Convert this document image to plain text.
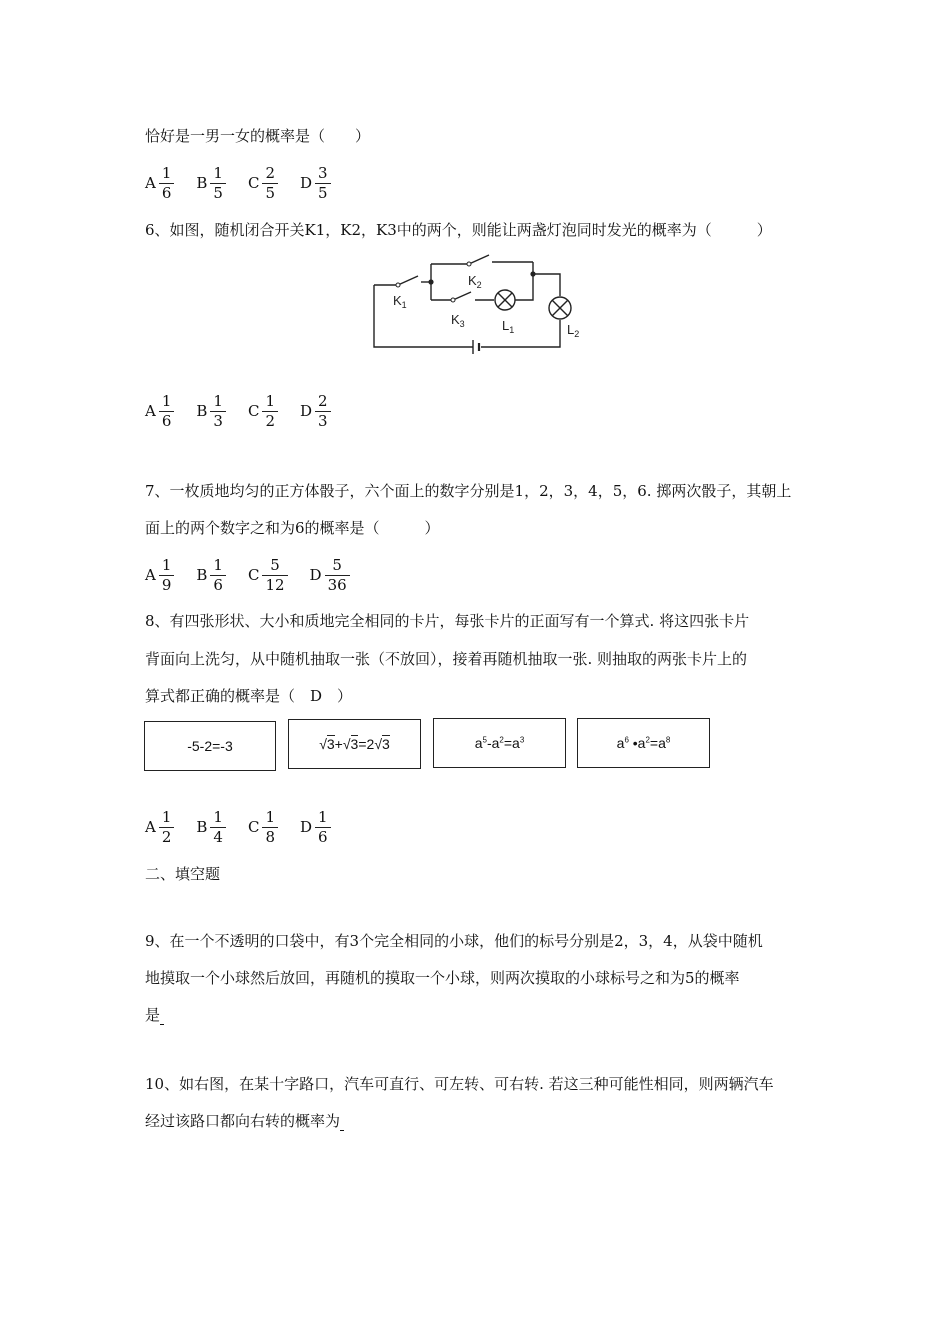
恰好是一男一女的概率是（　　）
A $\frac{1}{6}$ B $\frac{1}{5}$ C $\frac{2}{5}$ D $\frac{3}{5}$
6、如图，随机闭合开关K1，K2，K3中的两个，则能让两盏灯泡同时发光的概率为（　　　）
$K_1$
$K_2$
$K_3$	$L_1$	$L_2$
A $\frac{1}{6}$ B $\frac{1}{3}$ C $\frac{1}{2}$ D $\frac{2}{3}$
7、一枚质地均匀的正方体骰子，六个面上的数字分别是1，2，3，4，5，6. 掷两次骰子，其朝上
面上的两个数字之和为6的概率是（　　　）
A $\frac{1}{9}$ B $\frac{1}{6}$ C $\frac{5}{12}$ D $\frac{5}{36}$
8、有四张形状、大小和质地完全相同的卡片，每张卡片的正面写有一个算式. 将这四张卡片
背面向上洗匀，从中随机抽取一张（不放回），接着再随机抽取一张. 则抽取的两张卡片上的
算式都正确的概率是（　D　）
-5-2=-3	√3+√3=2√3	$a^5-a^2=a^3$	$a^6$ $•a^2=a^8$
A $\frac{1}{2}$ B $\frac{1}{4}$ C $\frac{1}{8}$ D $\frac{1}{6}$
二、填空题
9、在一个不透明的口袋中，有3个完全相同的小球，他们的标号分别是2，3，4，从袋中随机
地摸取一个小球然后放回，再随机的摸取一个小球，则两次摸取的小球标号之和为5的概率
是
10、如右图，在某十字路口，汽车可直行、可左转、可右转. 若这三种可能性相同，则两辆汽车
经过该路口都向右转的概率为
